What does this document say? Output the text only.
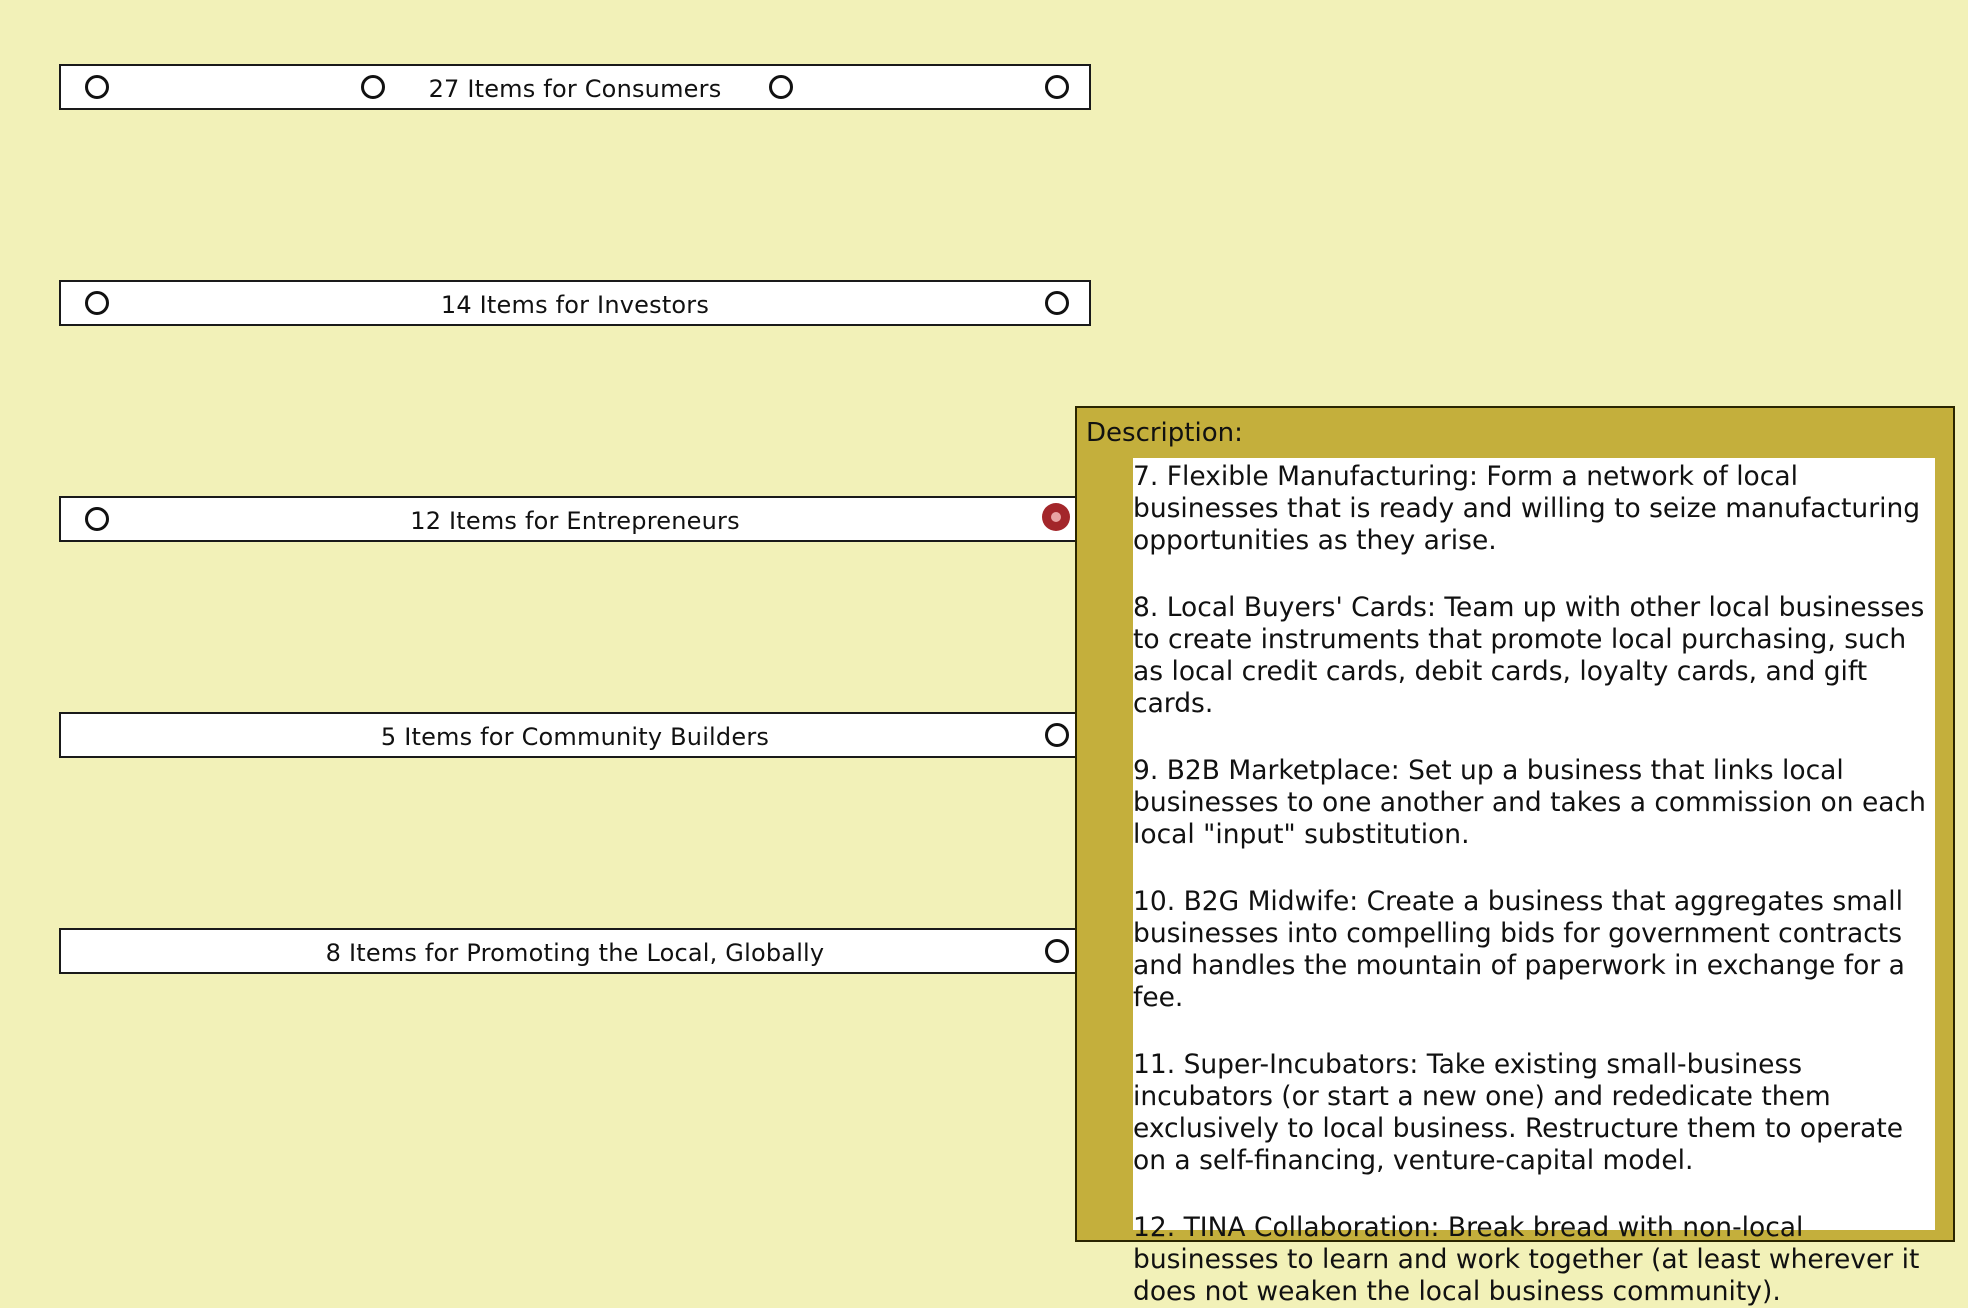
27 Items for Consumers
14 Items for Investors
12 Items for Entrepreneurs
5 Items for Community Builders
8 Items for Promoting the Local, Globally
Description:

7. Flexible Manufacturing: Form a network of local businesses that is ready and willing to seize manufacturing opportunities as they arise.

8. Local Buyers' Cards: Team up with other local businesses to create instruments that promote local purchasing, such as local credit cards, debit cards, loyalty cards, and gift cards.

9. B2B Marketplace: Set up a business that links local businesses to one another and takes a commission on each local "input" substitution.

10. B2G Midwife: Create a business that aggregates small businesses into compelling bids for government contracts and handles the mountain of paperwork in exchange for a fee.

11. Super-Incubators: Take existing small-business incubators (or start a new one) and rededicate them exclusively to local business. Restructure them to operate on a self-financing, venture-capital model.

12. TINA Collaboration: Break bread with non-local businesses to learn and work together (at least wherever it does not weaken the local business community).
